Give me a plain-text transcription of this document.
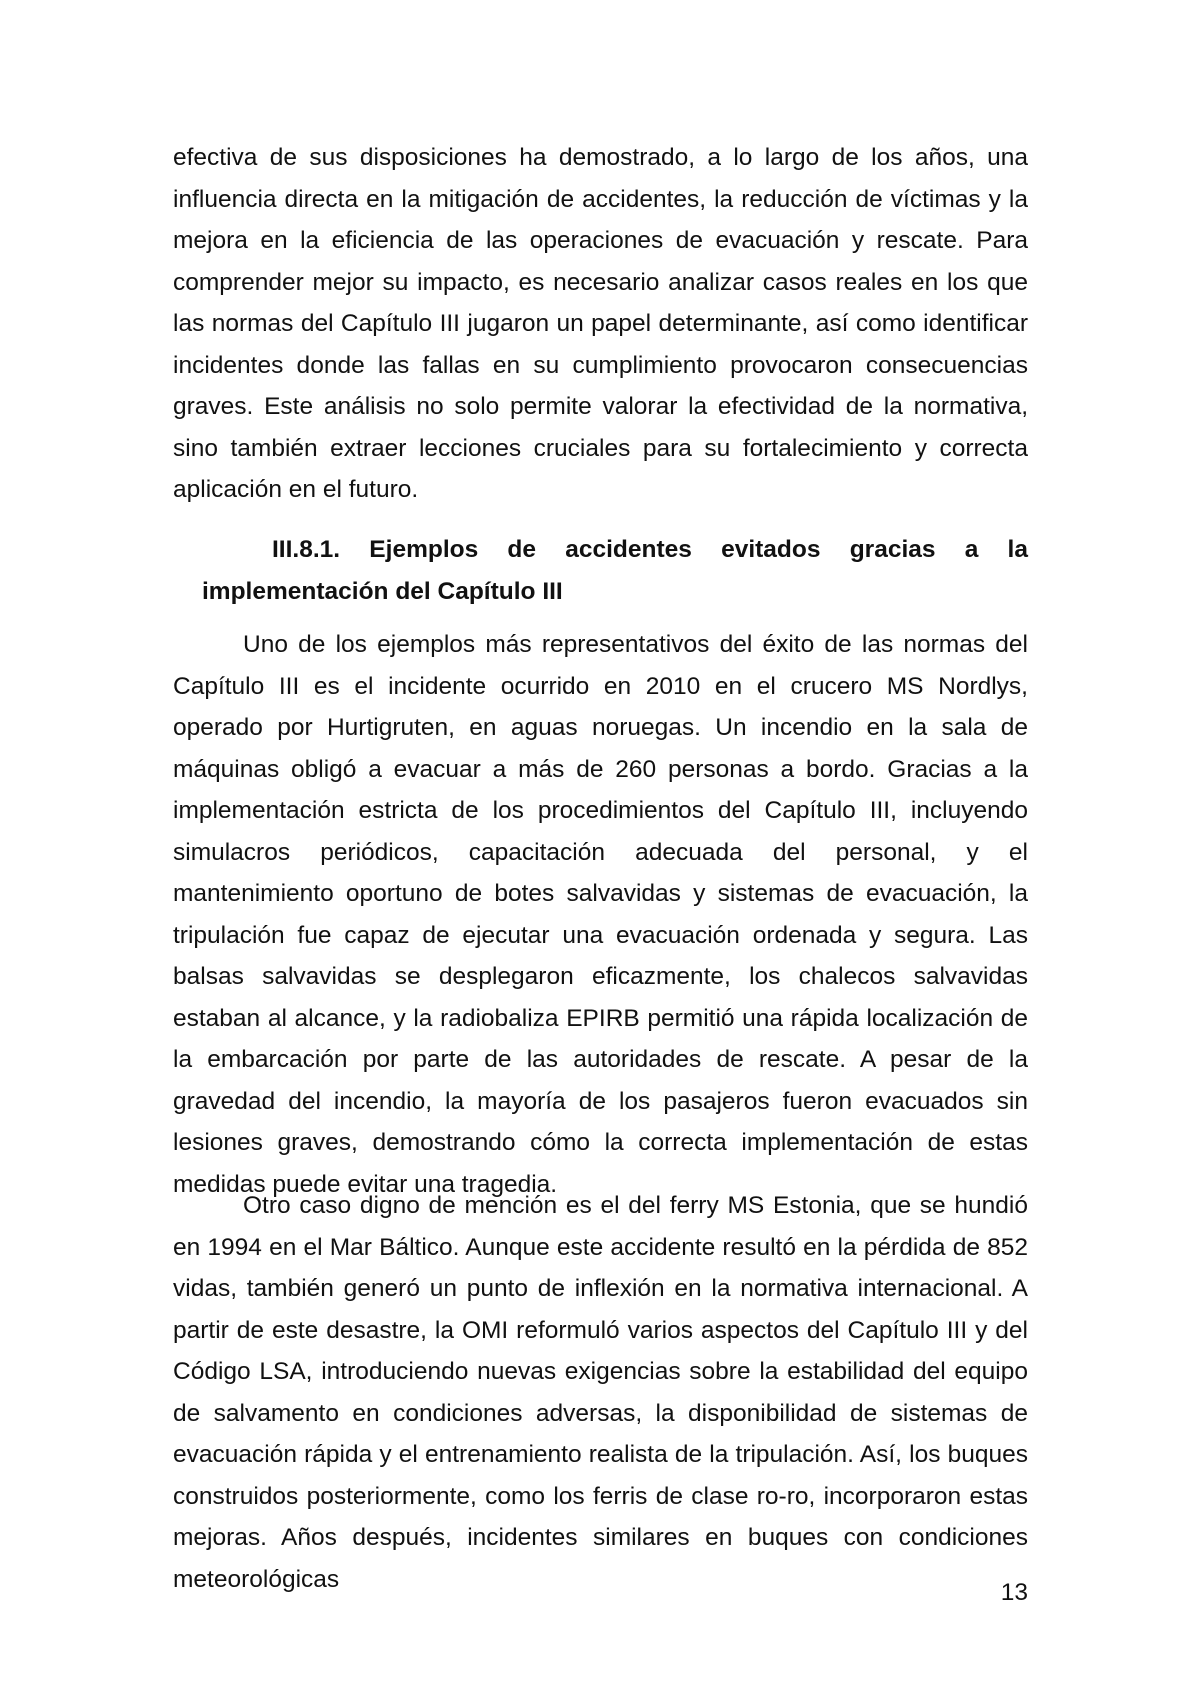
efectiva de sus disposiciones ha demostrado, a lo largo de los años, una influencia directa en la mitigación de accidentes, la reducción de víctimas y la mejora en la eficiencia de las operaciones de evacuación y rescate. Para comprender mejor su impacto, es necesario analizar casos reales en los que las normas del Capítulo III jugaron un papel determinante, así como identificar incidentes donde las fallas en su cumplimiento provocaron consecuencias graves. Este análisis no solo permite valorar la efectividad de la normativa, sino también extraer lecciones cruciales para su fortalecimiento y correcta aplicación en el futuro.

III.8.1. Ejemplos de accidentes evitados gracias a la
implementación del Capítulo III

Uno de los ejemplos más representativos del éxito de las normas del Capítulo III es el incidente ocurrido en 2010 en el crucero MS Nordlys, operado por Hurtigruten, en aguas noruegas. Un incendio en la sala de máquinas obligó a evacuar a más de 260 personas a bordo. Gracias a la implementación estricta de los procedimientos del Capítulo III, incluyendo simulacros periódicos, capacitación adecuada del personal, y el mantenimiento oportuno de botes salvavidas y sistemas de evacuación, la tripulación fue capaz de ejecutar una evacuación ordenada y segura. Las balsas salvavidas se desplegaron eficazmente, los chalecos salvavidas estaban al alcance, y la radiobaliza EPIRB permitió una rápida localización de la embarcación por parte de las autoridades de rescate. A pesar de la gravedad del incendio, la mayoría de los pasajeros fueron evacuados sin lesiones graves, demostrando cómo la correcta implementación de estas medidas puede evitar una tragedia.

Otro caso digno de mención es el del ferry MS Estonia, que se hundió en 1994 en el Mar Báltico. Aunque este accidente resultó en la pérdida de 852 vidas, también generó un punto de inflexión en la normativa internacional. A partir de este desastre, la OMI reformuló varios aspectos del Capítulo III y del Código LSA, introduciendo nuevas exigencias sobre la estabilidad del equipo de salvamento en condiciones adversas, la disponibilidad de sistemas de evacuación rápida y el entrenamiento realista de la tripulación. Así, los buques construidos posteriormente, como los ferris de clase ro-ro, incorporaron estas mejoras. Años después, incidentes similares en buques con condiciones meteorológicas	13
